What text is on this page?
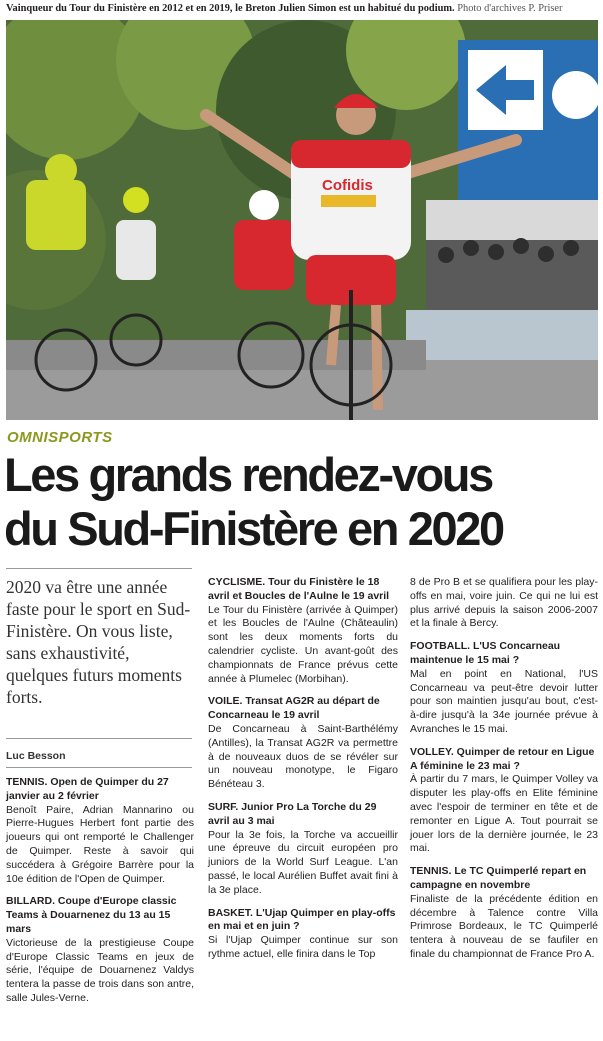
Vainqueur du Tour du Finistère en 2012 et en 2019, le Breton Julien Simon est un habitué du podium. Photo d'archives P. Priser
Cofidis
OMNISPORTS
Les grands rendez-vous
du Sud-Finistère en 2020
2020 va être une année faste pour le sport en Sud-Finistère. On vous liste, sans exhaustivité, quelques futurs moments forts.
Luc Besson
TENNIS. Open de Quimper du 27 janvier au 2 février
Benoît Paire, Adrian Mannarino ou Pierre-Hugues Herbert font partie des joueurs qui ont remporté le Challenger de Quimper. Reste à savoir qui succédera à Grégoire Barrère pour la 10e édition de l'Open de Quimper.
BILLARD. Coupe d'Europe classic Teams à Douarnenez du 13 au 15 mars
Victorieuse de la prestigieuse Coupe d'Europe Classic Teams en jeux de série, l'équipe de Douarnenez Valdys tentera la passe de trois dans son antre, salle Jules-Verne.
CYCLISME. Tour du Finistère le 18 avril et Boucles de l'Aulne le 19 avril
Le Tour du Finistère (arrivée à Quimper) et les Boucles de l'Aulne (Châteaulin) sont les deux moments forts du calendrier cycliste. Un avant-goût des championnats de France prévus cette année à Plumelec (Morbihan).
VOILE. Transat AG2R au départ de Concarneau le 19 avril
De Concarneau à Saint-Barthélémy (Antilles), la Transat AG2R va permettre à de nouveaux duos de se révéler sur un nouveau monotype, le Figaro Bénéteau 3.
SURF. Junior Pro La Torche du 29 avril au 3 mai
Pour la 3e fois, la Torche va accueillir une épreuve du circuit européen pro juniors de la World Surf League. L'an passé, le local Aurélien Buffet avait fini à la 3e place.
BASKET. L'Ujap Quimper en play-offs en mai et en juin ?
Si l'Ujap Quimper continue sur son rythme actuel, elle finira dans le Top
8 de Pro B et se qualifiera pour les play-offs en mai, voire juin. Ce qui ne lui est plus arrivé depuis la saison 2006-2007 et la finale à Bercy.
FOOTBALL. L'US Concarneau maintenue le 15 mai ?
Mal en point en National, l'US Concarneau va peut-être devoir lutter pour son maintien jusqu'au bout, c'est-à-dire jusqu'à la 34e journée prévue à Avranches le 15 mai.
VOLLEY. Quimper de retour en Ligue A féminine le 23 mai ?
À partir du 7 mars, le Quimper Volley va disputer les play-offs en Elite féminine avec l'espoir de terminer en tête et de remonter en Ligue A. Tout pourrait se jouer lors de la dernière journée, le 23 mai.
TENNIS. Le TC Quimperlé repart en campagne en novembre
Finaliste de la précédente édition en décembre à Talence contre Villa Primrose Bordeaux, le TC Quimperlé tentera à nouveau de se faufiler en finale du championnat de France Pro A.
